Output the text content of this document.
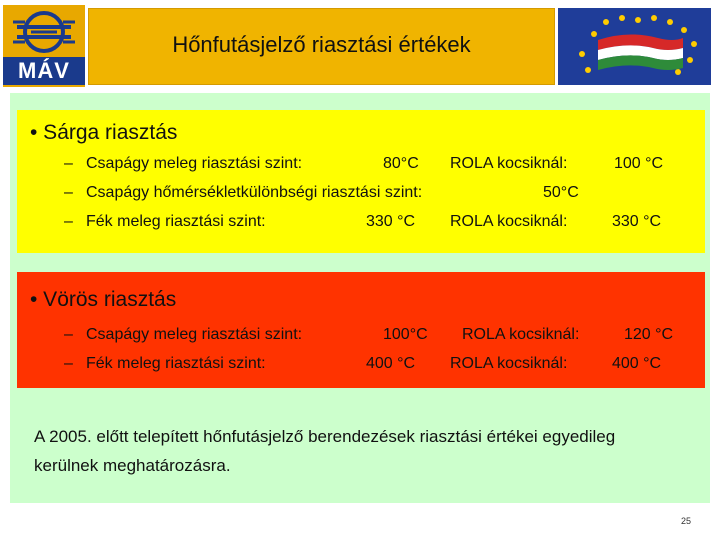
MÁV
Hőnfutásjelző riasztási értékek
• Sárga riasztás
– Csapágy meleg riasztási szint:	80°C ROLA kocsiknál:	100 °C
– Csapágy hőmérsékletkülönbségi riasztási szint:	50°C
– Fék meleg riasztási szint:	330 °C ROLA kocsiknál:	330 °C
• Vörös riasztás
– Csapágy meleg riasztási szint:	100°C ROLA kocsiknál:	120 °C
– Fék meleg riasztási szint:	400 °C ROLA kocsiknál:	400 °C
A 2005. előtt telepített hőnfutásjelző berendezések riasztási értékei egyedileg kerülnek meghatározásra.
25
